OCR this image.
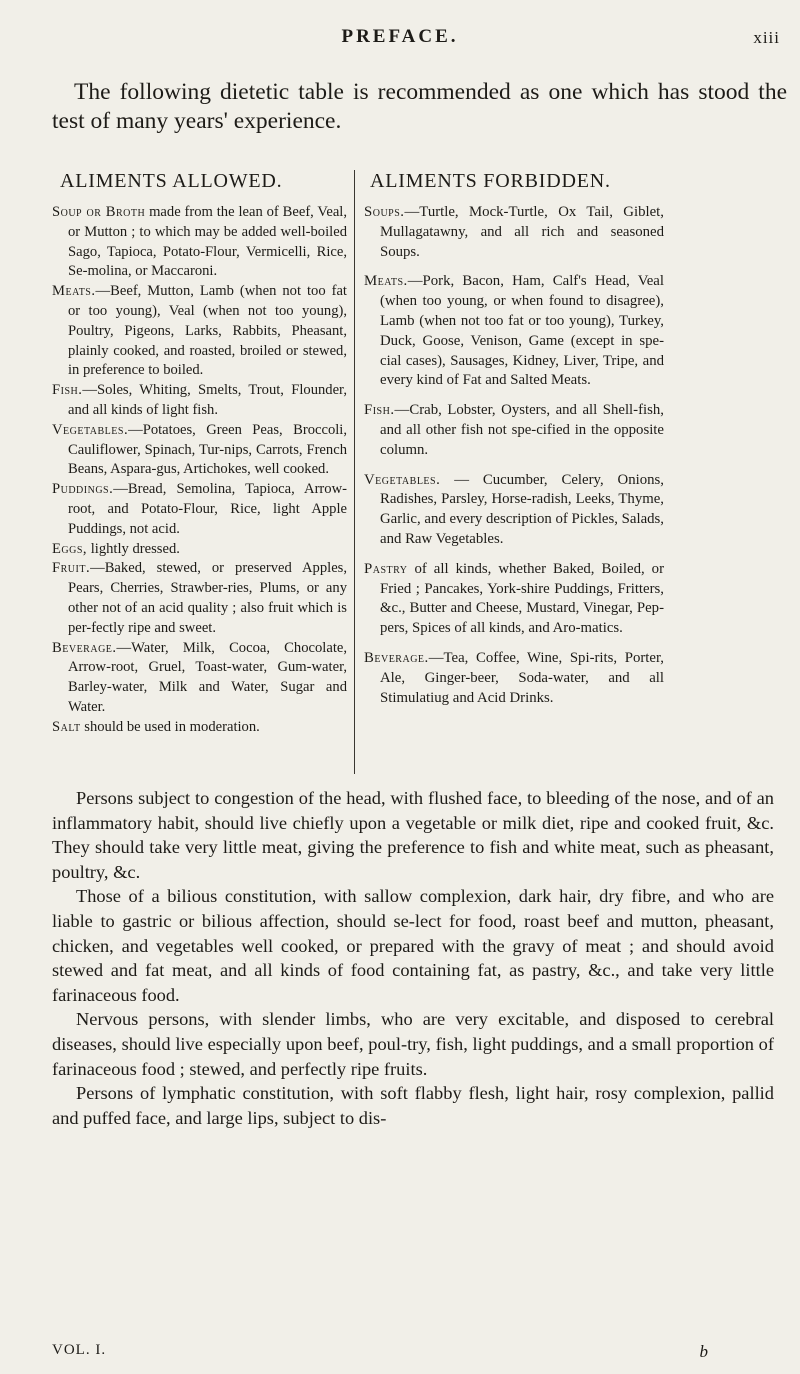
PREFACE.	xiii

The following dietetic table is recommended as one which has stood the test of many years' experience.

ALIMENTS ALLOWED.

Soup or Broth made from the lean of Beef, Veal, or Mutton ; to which may be added well-boiled Sago, Tapioca, Potato-Flour, Vermicelli, Rice, Se-molina, or Maccaroni.

Meats.—Beef, Mutton, Lamb (when not too fat or too young), Veal (when not too young), Poultry, Pigeons, Larks, Rabbits, Pheasant, plainly cooked, and roasted, broiled or stewed, in preference to boiled.

Fish.—Soles, Whiting, Smelts, Trout, Flounder, and all kinds of light fish.

Vegetables.—Potatoes, Green Peas, Broccoli, Cauliflower, Spinach, Tur-nips, Carrots, French Beans, Aspara-gus, Artichokes, well cooked.

Puddings.—Bread, Semolina, Tapioca, Arrow-root, and Potato-Flour, Rice, light Apple Puddings, not acid.

Eggs, lightly dressed.

Fruit.—Baked, stewed, or preserved Apples, Pears, Cherries, Strawber-ries, Plums, or any other not of an acid quality ; also fruit which is per-fectly ripe and sweet.

Beverage.—Water, Milk, Cocoa, Chocolate, Arrow-root, Gruel, Toast-water, Gum-water, Barley-water, Milk and Water, Sugar and Water.

Salt should be used in moderation.

ALIMENTS FORBIDDEN.

Soups.—Turtle, Mock-Turtle, Ox Tail, Giblet, Mullagatawny, and all rich and seasoned Soups.

Meats.—Pork, Bacon, Ham, Calf's Head, Veal (when too young, or when found to disagree), Lamb (when not too fat or too young), Turkey, Duck, Goose, Venison, Game (except in spe-cial cases), Sausages, Kidney, Liver, Tripe, and every kind of Fat and Salted Meats.

Fish.—Crab, Lobster, Oysters, and all Shell-fish, and all other fish not spe-cified in the opposite column.

Vegetables. — Cucumber, Celery, Onions, Radishes, Parsley, Horse-radish, Leeks, Thyme, Garlic, and every description of Pickles, Salads, and Raw Vegetables.

Pastry of all kinds, whether Baked, Boiled, or Fried ; Pancakes, York-shire Puddings, Fritters, &c., Butter and Cheese, Mustard, Vinegar, Pep-pers, Spices of all kinds, and Aro-matics.

Beverage.—Tea, Coffee, Wine, Spi-rits, Porter, Ale, Ginger-beer, Soda-water, and all Stimulatiug and Acid Drinks.

Persons subject to congestion of the head, with flushed face, to bleeding of the nose, and of an inflammatory habit, should live chiefly upon a vegetable or milk diet, ripe and cooked fruit, &c. They should take very little meat, giving the preference to fish and white meat, such as pheasant, poultry, &c.

Those of a bilious constitution, with sallow complexion, dark hair, dry fibre, and who are liable to gastric or bilious affection, should se-lect for food, roast beef and mutton, pheasant, chicken, and vegetables well cooked, or prepared with the gravy of meat ; and should avoid stewed and fat meat, and all kinds of food containing fat, as pastry, &c., and take very little farinaceous food.

Nervous persons, with slender limbs, who are very excitable, and disposed to cerebral diseases, should live especially upon beef, poul-try, fish, light puddings, and a small proportion of farinaceous food ; stewed, and perfectly ripe fruits.

Persons of lymphatic constitution, with soft flabby flesh, light hair, rosy complexion, pallid and puffed face, and large lips, subject to dis-

VOL. I.	b
